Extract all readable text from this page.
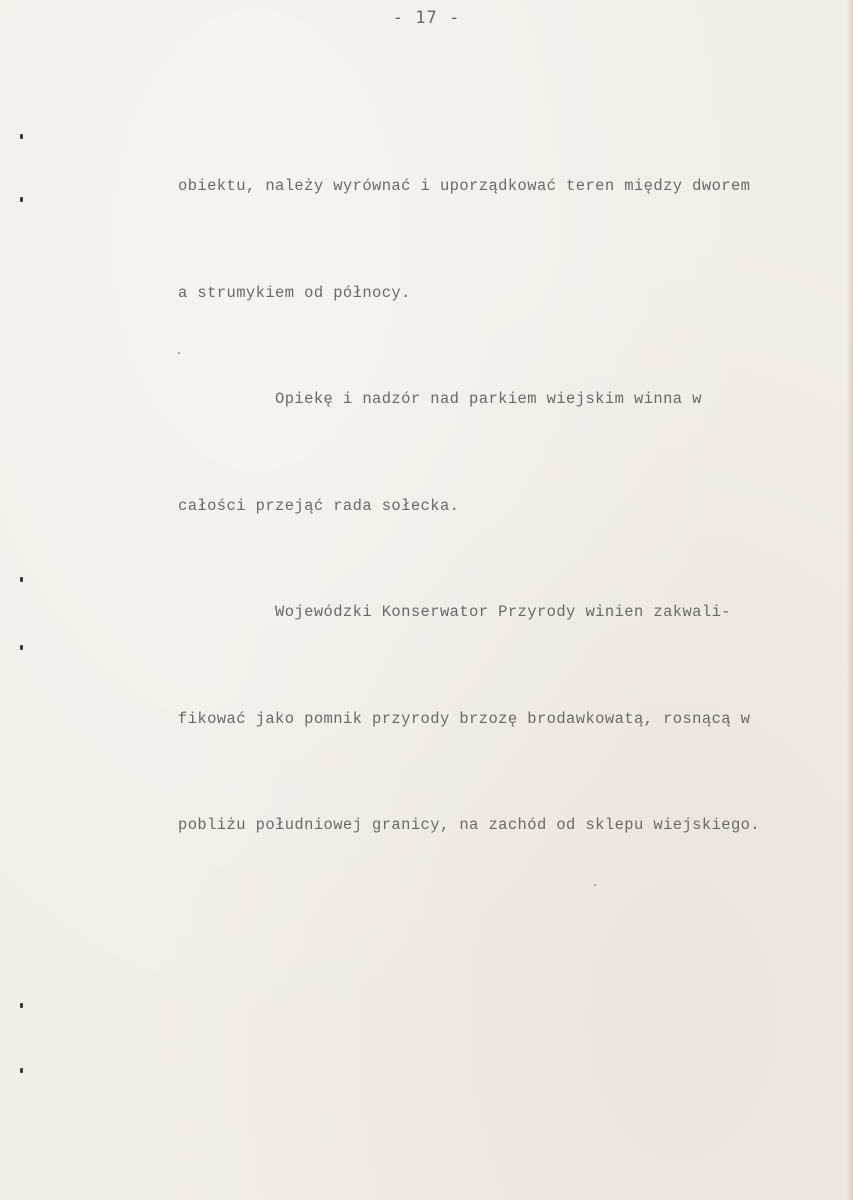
- 17 -

obiektu, należy wyrównać i uporządkować teren między dworem

a strumykiem od północy.

Opiekę i nadzór nad parkiem wiejskim winna w

całości przejąć rada sołecka.

Wojewódzki Konserwator Przyrody winien zakwali-

fikować jako pomnik przyrody brzozę brodawkowatą, rosnącą w

pobliżu południowej granicy, na zachód od sklepu wiejskiego.
